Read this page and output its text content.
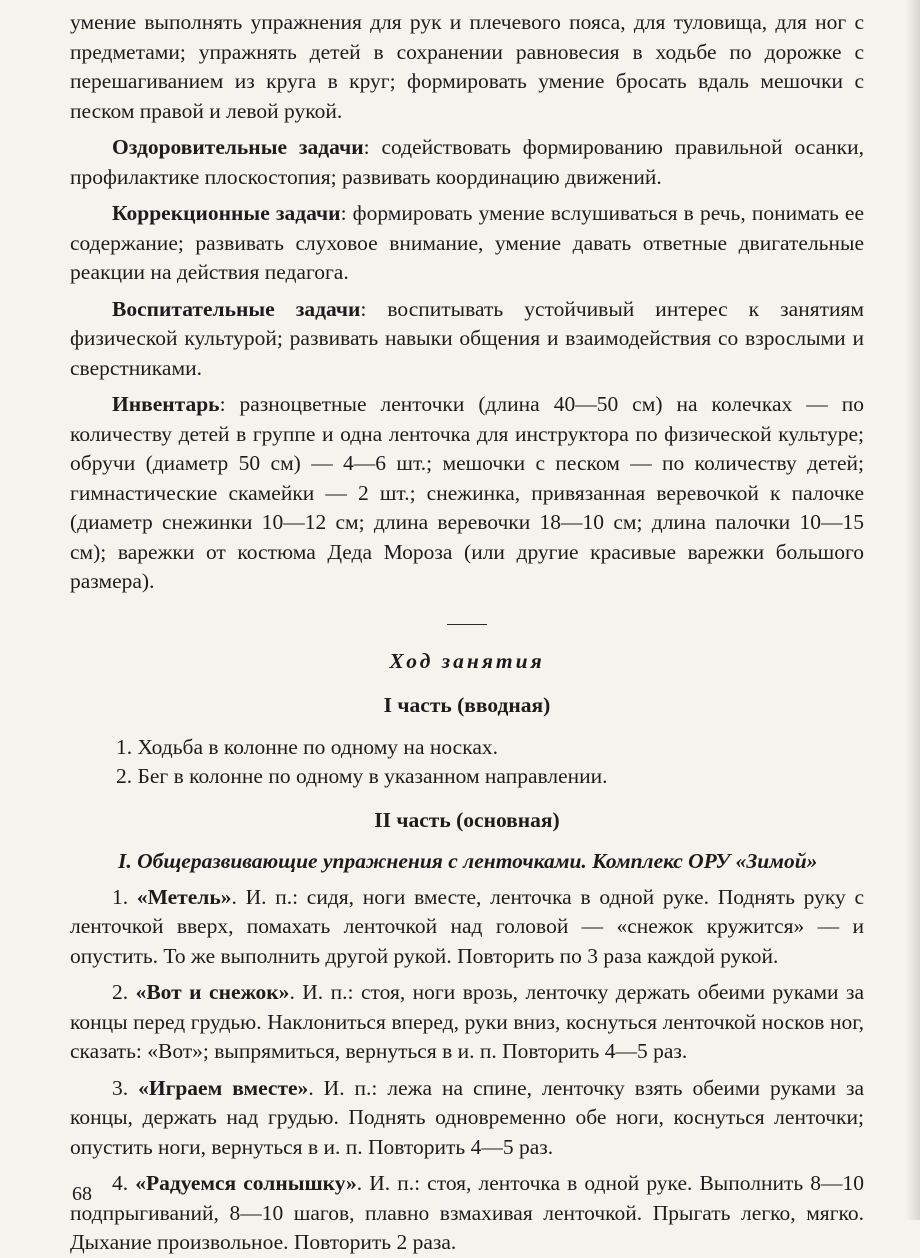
умение выполнять упражнения для рук и плечевого пояса, для туловища, для ног с предметами; упражнять детей в сохранении равновесия в ходьбе по дорожке с перешагиванием из круга в круг; формировать умение бросать вдаль мешочки с песком правой и левой рукой.

Оздоровительные задачи: содействовать формированию правильной осанки, профилактике плоскостопия; развивать координацию движений.

Коррекционные задачи: формировать умение вслушиваться в речь, понимать ее содержание; развивать слуховое внимание, умение давать ответные двигательные реакции на действия педагога.

Воспитательные задачи: воспитывать устойчивый интерес к занятиям физической культурой; развивать навыки общения и взаимодействия со взрослыми и сверстниками.

Инвентарь: разноцветные ленточки (длина 40—50 см) на колечках — по количеству детей в группе и одна ленточка для инструктора по физической культуре; обручи (диаметр 50 см) — 4—6 шт.; мешочки с песком — по количеству детей; гимнастические скамейки — 2 шт.; снежинка, привязанная веревочкой к палочке (диаметр снежинки 10—12 см; длина веревочки 18—10 см; длина палочки 10—15 см); варежки от костюма Деда Мороза (или другие красивые варежки большого размера).

Ход занятия

I часть (вводная)

1. Ходьба в колонне по одному на носках.

2. Бег в колонне по одному в указанном направлении.

II часть (основная)

I. Общеразвивающие упражнения с ленточками. Комплекс ОРУ «Зимой»

1. «Метель». И. п.: сидя, ноги вместе, ленточка в одной руке. Поднять руку с ленточкой вверх, помахать ленточкой над головой — «снежок кружится» — и опустить. То же выполнить другой рукой. Повторить по 3 раза каждой рукой.

2. «Вот и снежок». И. п.: стоя, ноги врозь, ленточку держать обеими руками за концы перед грудью. Наклониться вперед, руки вниз, коснуться ленточкой носков ног, сказать: «Вот»; выпрямиться, вернуться в и. п. Повторить 4—5 раз.

3. «Играем вместе». И. п.: лежа на спине, ленточку взять обеими руками за концы, держать над грудью. Поднять одновременно обе ноги, коснуться ленточки; опустить ноги, вернуться в и. п. Повторить 4—5 раз.

4. «Радуемся солнышку». И. п.: стоя, ленточка в одной руке. Выполнить 8—10 подпрыгиваний, 8—10 шагов, плавно взмахивая ленточкой. Прыгать легко, мягко. Дыхание произвольное. Повторить 2 раза.

68
